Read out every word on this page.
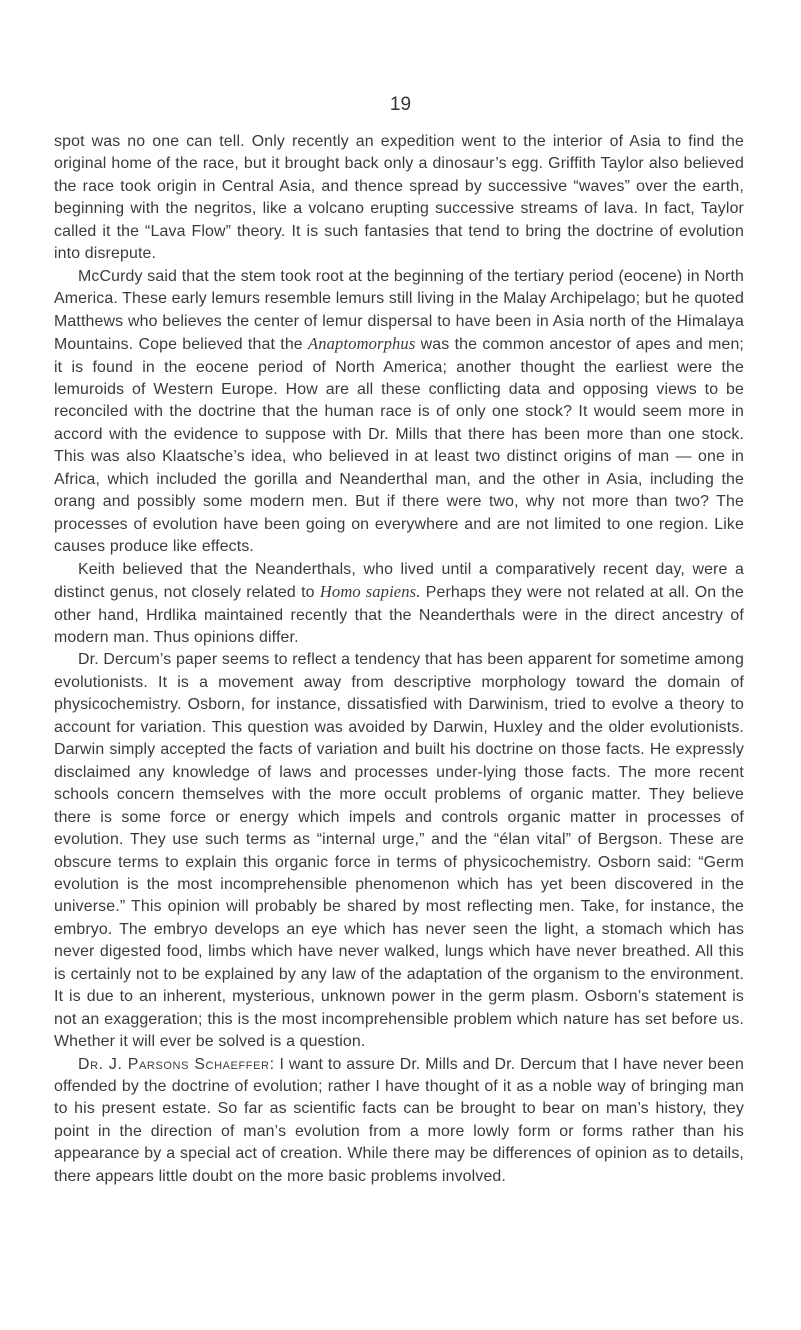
19

spot was no one can tell. Only recently an expedition went to the interior of Asia to find the original home of the race, but it brought back only a dinosaur’s egg. Griffith Taylor also believed the race took origin in Central Asia, and thence spread by successive “waves” over the earth, beginning with the negritos, like a volcano erupting successive streams of lava. In fact, Taylor called it the “Lava Flow” theory. It is such fantasies that tend to bring the doctrine of evolution into disrepute.

McCurdy said that the stem took root at the beginning of the tertiary period (eocene) in North America. These early lemurs resemble lemurs still living in the Malay Archipelago; but he quoted Matthews who believes the center of lemur dispersal to have been in Asia north of the Himalaya Mountains. Cope believed that the Anaptomorphus was the common ancestor of apes and men; it is found in the eocene period of North America; another thought the earliest were the lemuroids of Western Europe. How are all these conflicting data and opposing views to be reconciled with the doctrine that the human race is of only one stock? It would seem more in accord with the evidence to suppose with Dr. Mills that there has been more than one stock. This was also Klaatsche’s idea, who believed in at least two distinct origins of man — one in Africa, which included the gorilla and Neanderthal man, and the other in Asia, including the orang and possibly some modern men. But if there were two, why not more than two? The processes of evolution have been going on everywhere and are not limited to one region. Like causes produce like effects.

Keith believed that the Neanderthals, who lived until a comparatively recent day, were a distinct genus, not closely related to Homo sapiens. Perhaps they were not related at all. On the other hand, Hrdlika maintained recently that the Neanderthals were in the direct ancestry of modern man. Thus opinions differ.

Dr. Dercum’s paper seems to reflect a tendency that has been apparent for sometime among evolutionists. It is a movement away from descriptive morphology toward the domain of physicochemistry. Osborn, for instance, dissatisfied with Darwinism, tried to evolve a theory to account for variation. This question was avoided by Darwin, Huxley and the older evolutionists. Darwin simply accepted the facts of variation and built his doctrine on those facts. He expressly disclaimed any knowledge of laws and processes under-lying those facts. The more recent schools concern themselves with the more occult problems of organic matter. They believe there is some force or energy which impels and controls organic matter in processes of evolution. They use such terms as “internal urge,” and the “élan vital” of Bergson. These are obscure terms to explain this organic force in terms of physicochemistry. Osborn said: “Germ evolution is the most incomprehensible phenomenon which has yet been discovered in the universe.” This opinion will probably be shared by most reflecting men. Take, for instance, the embryo. The embryo develops an eye which has never seen the light, a stomach which has never digested food, limbs which have never walked, lungs which have never breathed. All this is certainly not to be explained by any law of the adaptation of the organism to the environment. It is due to an inherent, mysterious, unknown power in the germ plasm. Osborn’s statement is not an exaggeration; this is the most incomprehensible problem which nature has set before us. Whether it will ever be solved is a question.

Dr. J. Parsons Schaeffer: I want to assure Dr. Mills and Dr. Dercum that I have never been offended by the doctrine of evolution; rather I have thought of it as a noble way of bringing man to his present estate. So far as scientific facts can be brought to bear on man’s history, they point in the direction of man’s evolution from a more lowly form or forms rather than his appearance by a special act of creation. While there may be differences of opinion as to details, there appears little doubt on the more basic problems involved.
